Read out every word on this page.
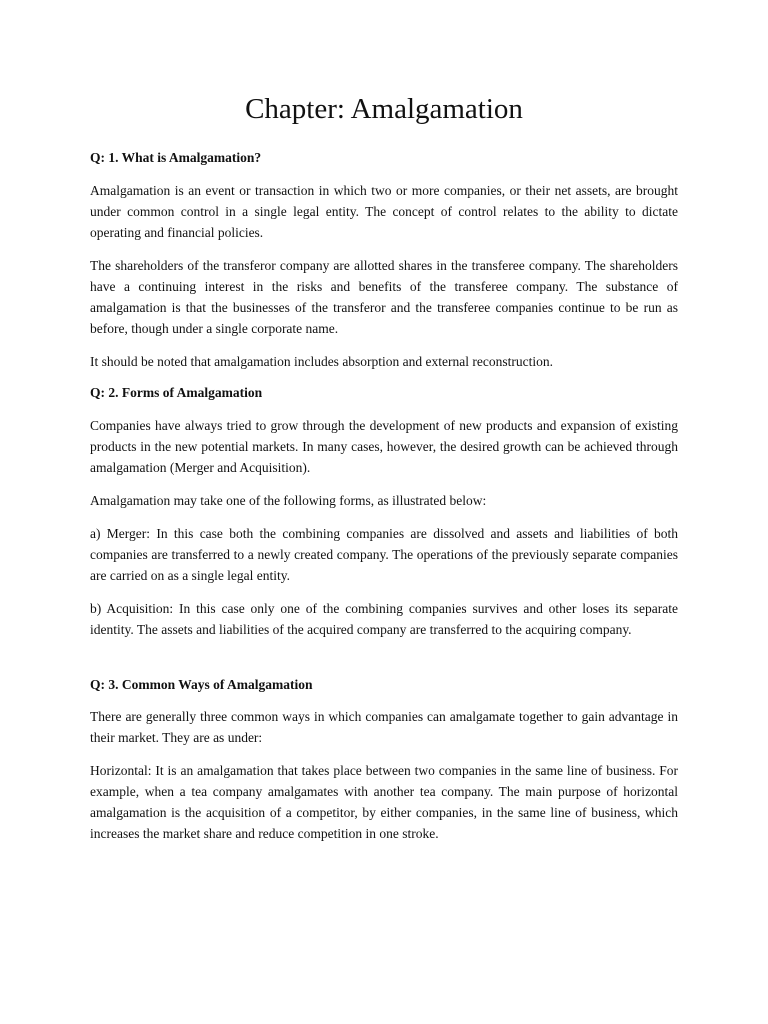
Chapter: Amalgamation

Q: 1. What is Amalgamation?

Amalgamation is an event or transaction in which two or more companies, or their net assets, are brought under common control in a single legal entity. The concept of control relates to the ability to dictate operating and financial policies.

The shareholders of the transferor company are allotted shares in the transferee company. The shareholders have a continuing interest in the risks and benefits of the transferee company. The substance of amalgamation is that the businesses of the transferor and the transferee companies continue to be run as before, though under a single corporate name.

It should be noted that amalgamation includes absorption and external reconstruction.

Q: 2. Forms of Amalgamation

Companies have always tried to grow through the development of new products and expansion of existing products in the new potential markets. In many cases, however, the desired growth can be achieved through amalgamation (Merger and Acquisition).

Amalgamation may take one of the following forms, as illustrated below:

a) Merger: In this case both the combining companies are dissolved and assets and liabilities of both companies are transferred to a newly created company. The operations of the previously separate companies are carried on as a single legal entity.

b) Acquisition: In this case only one of the combining companies survives and other loses its separate identity. The assets and liabilities of the acquired company are transferred to the acquiring company.

Q: 3. Common Ways of Amalgamation

There are generally three common ways in which companies can amalgamate together to gain advantage in their market. They are as under:

Horizontal: It is an amalgamation that takes place between two companies in the same line of business. For example, when a tea company amalgamates with another tea company. The main purpose of horizontal amalgamation is the acquisition of a competitor, by either companies, in the same line of business, which increases the market share and reduce competition in one stroke.
